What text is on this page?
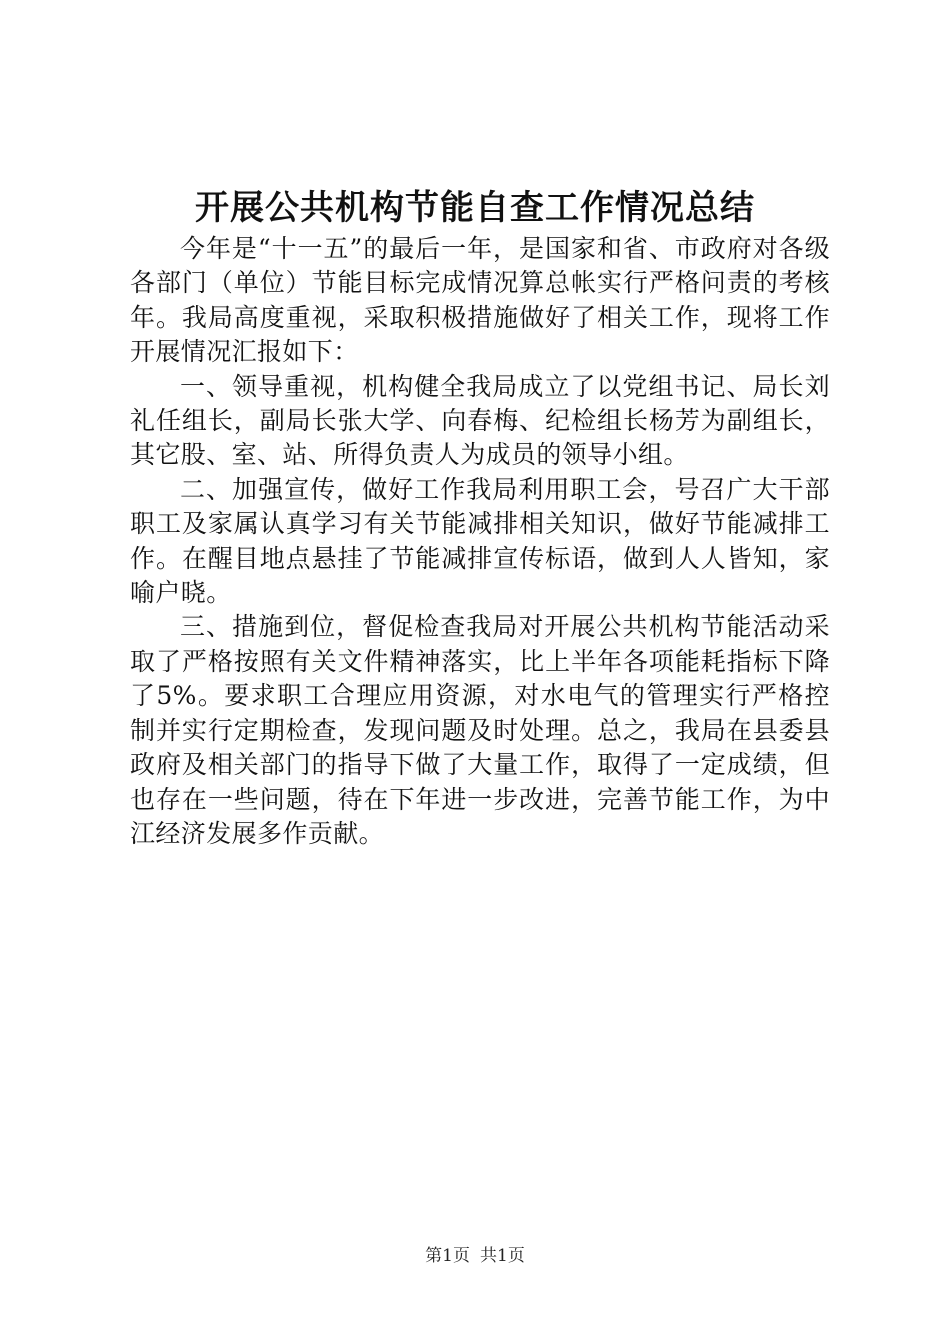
开展公共机构节能自查工作情况总结

今年是“十一五”的最后一年，是国家和省、市政府对各级各部门（单位）节能目标完成情况算总帐实行严格问责的考核年。我局高度重视，采取积极措施做好了相关工作，现将工作开展情况汇报如下：

一、领导重视，机构健全我局成立了以党组书记、局长刘礼任组长，副局长张大学、向春梅、纪检组长杨芳为副组长，其它股、室、站、所得负责人为成员的领导小组。

二、加强宣传，做好工作我局利用职工会，号召广大干部职工及家属认真学习有关节能减排相关知识，做好节能减排工作。在醒目地点悬挂了节能减排宣传标语，做到人人皆知，家喻户晓。

三、措施到位，督促检查我局对开展公共机构节能活动采取了严格按照有关文件精神落实，比上半年各项能耗指标下降了5%。要求职工合理应用资源，对水电气的管理实行严格控制并实行定期检查，发现问题及时处理。总之，我局在县委县政府及相关部门的指导下做了大量工作，取得了一定成绩，但也存在一些问题，待在下年进一步改进，完善节能工作，为中江经济发展多作贡献。

第1页 共1页
